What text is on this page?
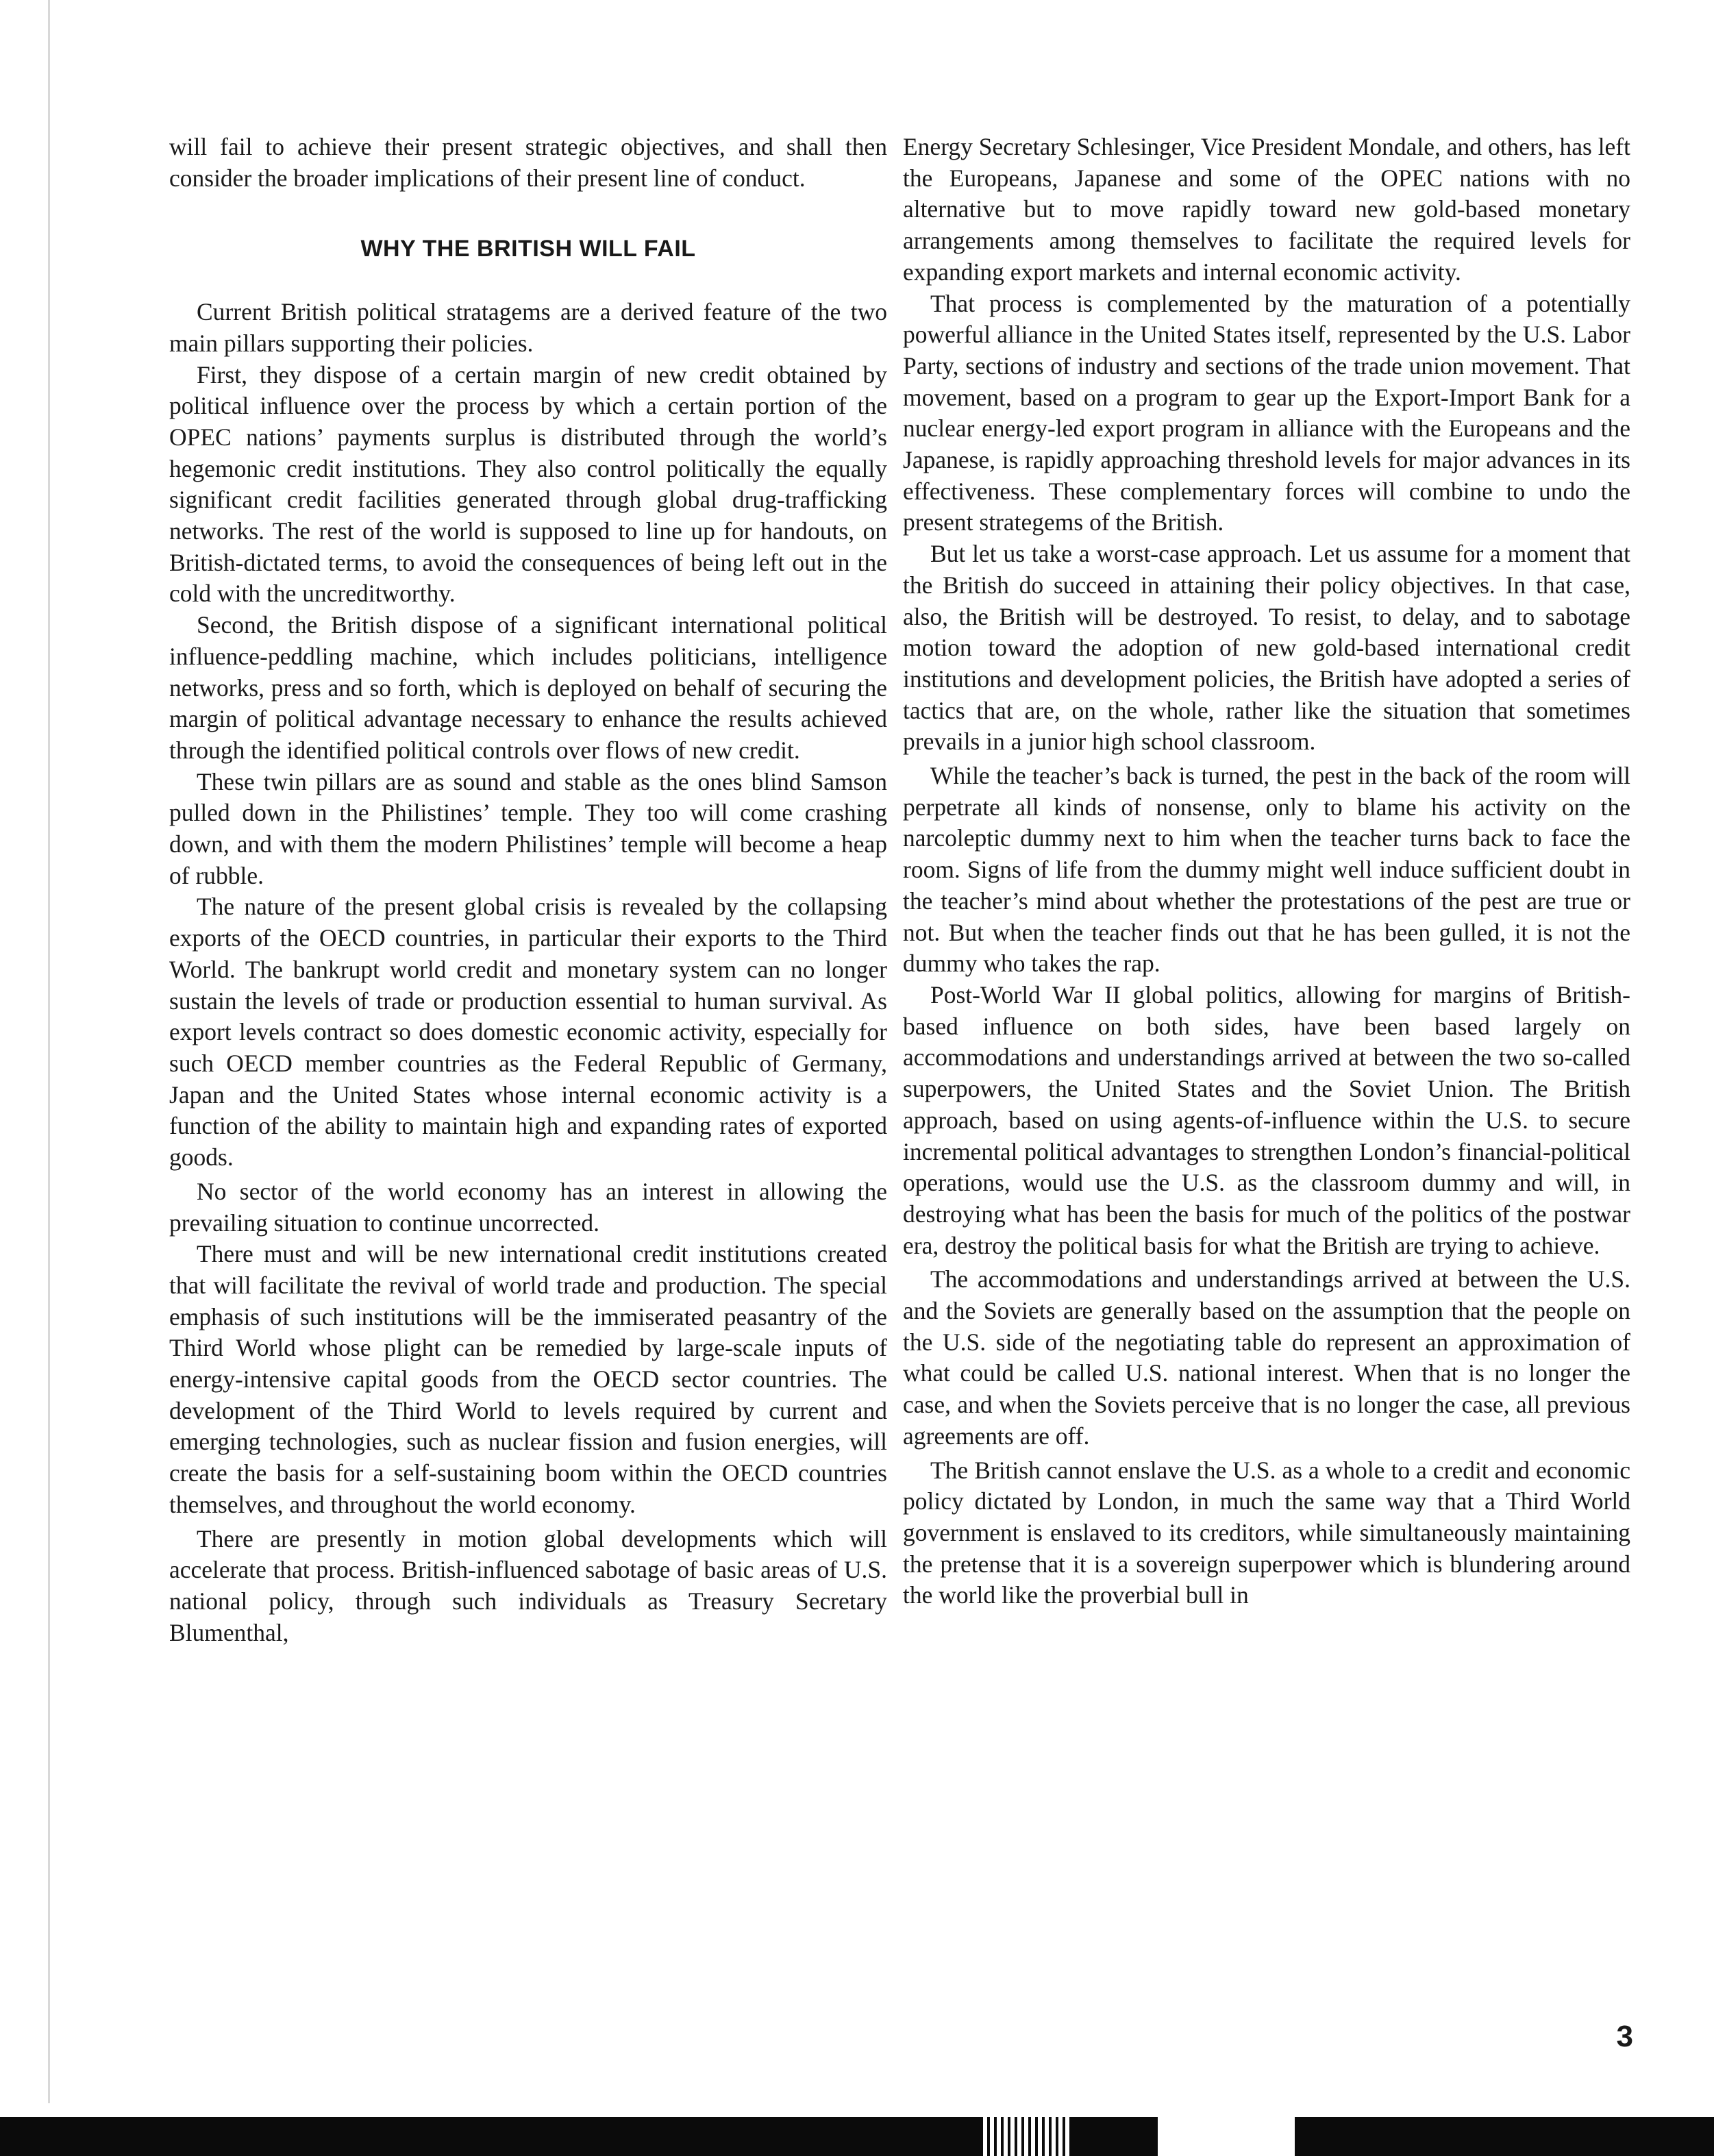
will fail to achieve their present strategic objectives, and shall then consider the broader implications of their present line of conduct.

WHY THE BRITISH WILL FAIL

Current British political stratagems are a derived feature of the two main pillars supporting their policies.

First, they dispose of a certain margin of new credit obtained by political influence over the process by which a certain portion of the OPEC nations’ payments surplus is distributed through the world’s hegemonic credit institutions. They also control politically the equally significant credit facilities generated through global drug-trafficking networks. The rest of the world is supposed to line up for handouts, on British-dictated terms, to avoid the consequences of being left out in the cold with the uncreditworthy.

Second, the British dispose of a significant international political influence-peddling machine, which includes politicians, intelligence networks, press and so forth, which is deployed on behalf of securing the margin of political advantage necessary to enhance the results achieved through the identified political controls over flows of new credit.

These twin pillars are as sound and stable as the ones blind Samson pulled down in the Philistines’ temple. They too will come crashing down, and with them the modern Philistines’ temple will become a heap of rubble.

The nature of the present global crisis is revealed by the collapsing exports of the OECD countries, in particular their exports to the Third World. The bankrupt world credit and monetary system can no longer sustain the levels of trade or production essential to human survival. As export levels contract so does domestic economic activity, especially for such OECD member countries as the Federal Republic of Germany, Japan and the United States whose internal economic activity is a function of the ability to maintain high and expanding rates of exported goods.

No sector of the world economy has an interest in allowing the prevailing situation to continue uncorrected.

There must and will be new international credit institutions created that will facilitate the revival of world trade and production. The special emphasis of such institutions will be the immiserated peasantry of the Third World whose plight can be remedied by large-scale inputs of energy-intensive capital goods from the OECD sector countries. The development of the Third World to levels required by current and emerging technologies, such as nuclear fission and fusion energies, will create the basis for a self-sustaining boom within the OECD countries themselves, and throughout the world economy.

There are presently in motion global developments which will accelerate that process. British-influenced sabotage of basic areas of U.S. national policy, through such individuals as Treasury Secretary Blumenthal,

Energy Secretary Schlesinger, Vice President Mondale, and others, has left the Europeans, Japanese and some of the OPEC nations with no alternative but to move rapidly toward new gold-based monetary arrangements among themselves to facilitate the required levels for expanding export markets and internal economic activity.

That process is complemented by the maturation of a potentially powerful alliance in the United States itself, represented by the U.S. Labor Party, sections of industry and sections of the trade union movement. That movement, based on a program to gear up the Export-Import Bank for a nuclear energy-led export program in alliance with the Europeans and the Japanese, is rapidly approaching threshold levels for major advances in its effectiveness. These complementary forces will combine to undo the present strategems of the British.

But let us take a worst-case approach. Let us assume for a moment that the British do succeed in attaining their policy objectives. In that case, also, the British will be destroyed. To resist, to delay, and to sabotage motion toward the adoption of new gold-based international credit institutions and development policies, the British have adopted a series of tactics that are, on the whole, rather like the situation that sometimes prevails in a junior high school classroom.

While the teacher’s back is turned, the pest in the back of the room will perpetrate all kinds of nonsense, only to blame his activity on the narcoleptic dummy next to him when the teacher turns back to face the room. Signs of life from the dummy might well induce sufficient doubt in the teacher’s mind about whether the protestations of the pest are true or not. But when the teacher finds out that he has been gulled, it is not the dummy who takes the rap.

Post-World War II global politics, allowing for margins of British-based influence on both sides, have been based largely on accommodations and understandings arrived at between the two so-called superpowers, the United States and the Soviet Union. The British approach, based on using agents-of-influence within the U.S. to secure incremental political advantages to strengthen London’s financial-political operations, would use the U.S. as the classroom dummy and will, in destroying what has been the basis for much of the politics of the postwar era, destroy the political basis for what the British are trying to achieve.

The accommodations and understandings arrived at between the U.S. and the Soviets are generally based on the assumption that the people on the U.S. side of the negotiating table do represent an approximation of what could be called U.S. national interest. When that is no longer the case, and when the Soviets perceive that is no longer the case, all previous agreements are off.

The British cannot enslave the U.S. as a whole to a credit and economic policy dictated by London, in much the same way that a Third World government is enslaved to its creditors, while simultaneously maintaining the pretense that it is a sovereign superpower which is blundering around the world like the proverbial bull in

3
